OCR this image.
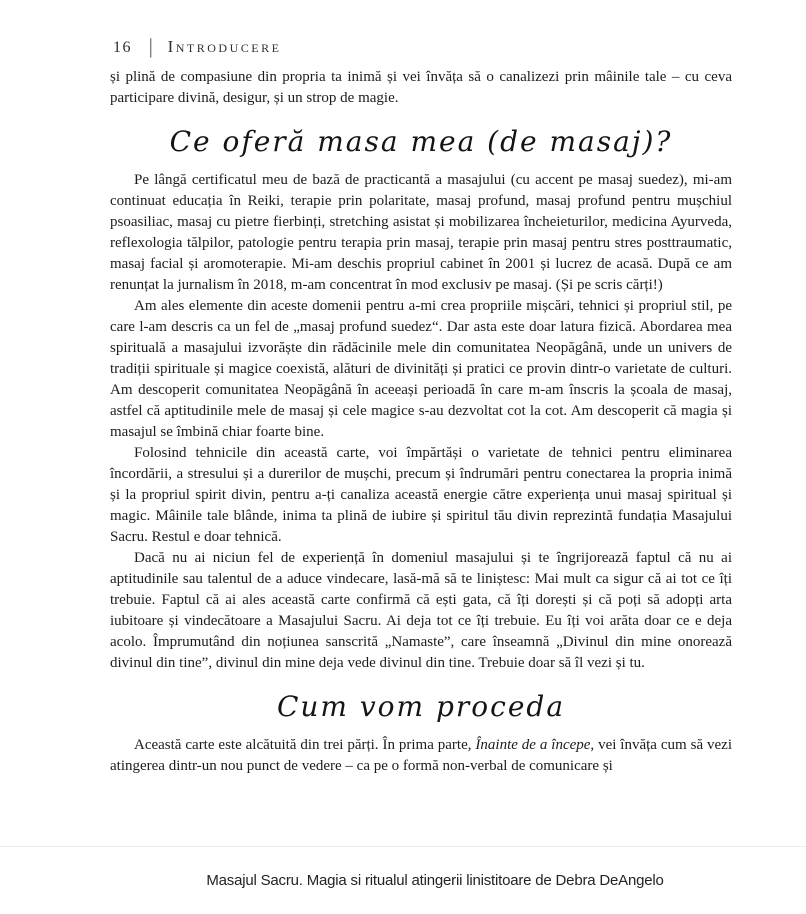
16 | Introducere
și plină de compasiune din propria ta inimă și vei învăța să o canalizezi prin mâinile tale – cu ceva participare divină, desigur, și un strop de magie.
Ce oferă masa mea (de masaj)?
Pe lângă certificatul meu de bază de practicantă a masajului (cu accent pe masaj suedez), mi-am continuat educația în Reiki, terapie prin polaritate, masaj profund, masaj profund pentru mușchiul psoasiliac, masaj cu pietre fierbinți, stretching asistat și mobilizarea încheieturilor, medicina Ayurveda, reflexologia tălpilor, patologie pentru terapia prin masaj, terapie prin masaj pentru stres posttraumatic, masaj facial și aromoterapie. Mi-am deschis propriul cabinet în 2001 și lucrez de acasă. După ce am renunțat la jurnalism în 2018, m-am concentrat în mod exclusiv pe masaj. (Și pe scris cărți!)
Am ales elemente din aceste domenii pentru a-mi crea propriile mișcări, tehnici și propriul stil, pe care l-am descris ca un fel de „masaj profund suedez“. Dar asta este doar latura fizică. Abordarea mea spirituală a masajului izvorăște din rădăcinile mele din comunitatea Neopăgână, unde un univers de tradiții spirituale și magice coexistă, alături de divinități și pratici ce provin dintr-o varietate de culturi. Am descoperit comunitatea Neopăgână în aceeași perioadă în care m-am înscris la școala de masaj, astfel că aptitudinile mele de masaj și cele magice s-au dezvoltat cot la cot. Am descoperit că magia și masajul se îmbină chiar foarte bine.
Folosind tehnicile din această carte, voi împărtăși o varietate de tehnici pentru eliminarea încordării, a stresului și a durerilor de mușchi, precum și îndrumări pentru conectarea la propria inimă și la propriul spirit divin, pentru a-ți canaliza această energie către experiența unui masaj spiritual și magic. Mâinile tale blânde, inima ta plină de iubire și spiritul tău divin reprezintă fundația Masajului Sacru. Restul e doar tehnică.
Dacă nu ai niciun fel de experiență în domeniul masajului și te îngrijorează faptul că nu ai aptitudinile sau talentul de a aduce vindecare, lasă-mă să te liniștesc: Mai mult ca sigur că ai tot ce îți trebuie. Faptul că ai ales această carte confirmă că ești gata, că îți dorești și că poți să adopți arta iubitoare și vindecătoare a Masajului Sacru. Ai deja tot ce îți trebuie. Eu îți voi arăta doar ce e deja acolo. Împrumutând din noțiunea sanscrită „Namaste”, care înseamnă „Divinul din mine onorează divinul din tine”, divinul din mine deja vede divinul din tine. Trebuie doar să îl vezi și tu.
Cum vom proceda
Această carte este alcătuită din trei părți. În prima parte, Înainte de a începe, vei învăța cum să vezi atingerea dintr-un nou punct de vedere – ca pe o formă non-verbal de comunicare și
Masajul Sacru. Magia si ritualul atingerii linistitoare de Debra DeAngelo
